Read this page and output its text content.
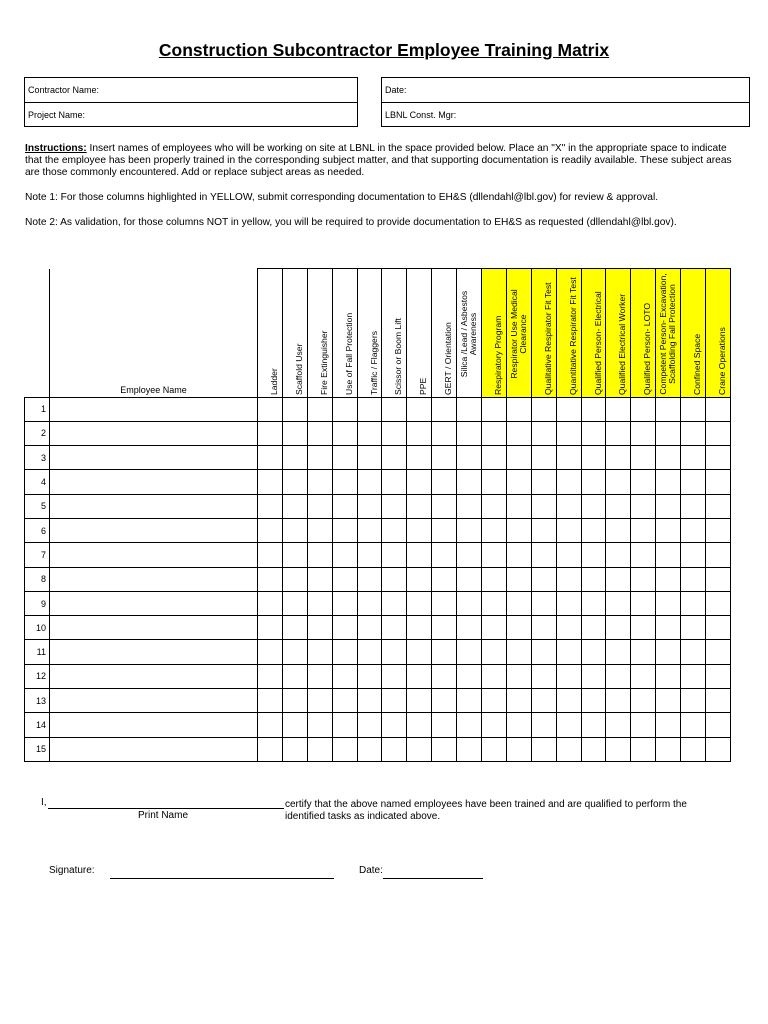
Construction Subcontractor Employee Training Matrix
Contractor Name:
Project Name:
Date:
LBNL Const. Mgr:
Instructions: Insert names of employees who will be working on site at LBNL in the space provided below. Place an "X" in the appropriate space to indicate that the employee has been properly trained in the corresponding subject matter, and that supporting documentation is readily available. These subject areas are those commonly encountered. Add or replace subject areas as needed.
Note 1: For those columns highlighted in YELLOW, submit corresponding documentation to EH&S (dllendahl@lbl.gov) for review & approval.
Note 2: As validation, for those columns NOT in yellow, you will be required to provide documentation to EH&S as requested (dllendahl@lbl.gov).
	Employee Name	Ladder	Scaffold User	Fire Extinguisher	Use of Fall Protection	Traffic / Flaggers	Scissor or Boom Lift	PPE	GERT / Orientation	Silica /Lead / Asbestos Awareness	Respiratory Program	Respirator Use Medical Clearance	Qualitative Respirator Fit Test	Quantitative Respirator Fit Test	Qualified Person- Electrical	Qualified Electrical Worker	Qualified Person- LOTO	Competent Person- Excavation, Scaffolding Fall Protection	Confined Space	Crane Operations

1																				
2																				
3																				
4																				
5																				
6																				
7																				
8																				
9																				
10																				
11																				
12																				
13																				
14																				
15																				
I,
Print Name
certify that the above named employees have been trained and are qualified to perform the identified tasks as indicated above.
Signature:	Date:
